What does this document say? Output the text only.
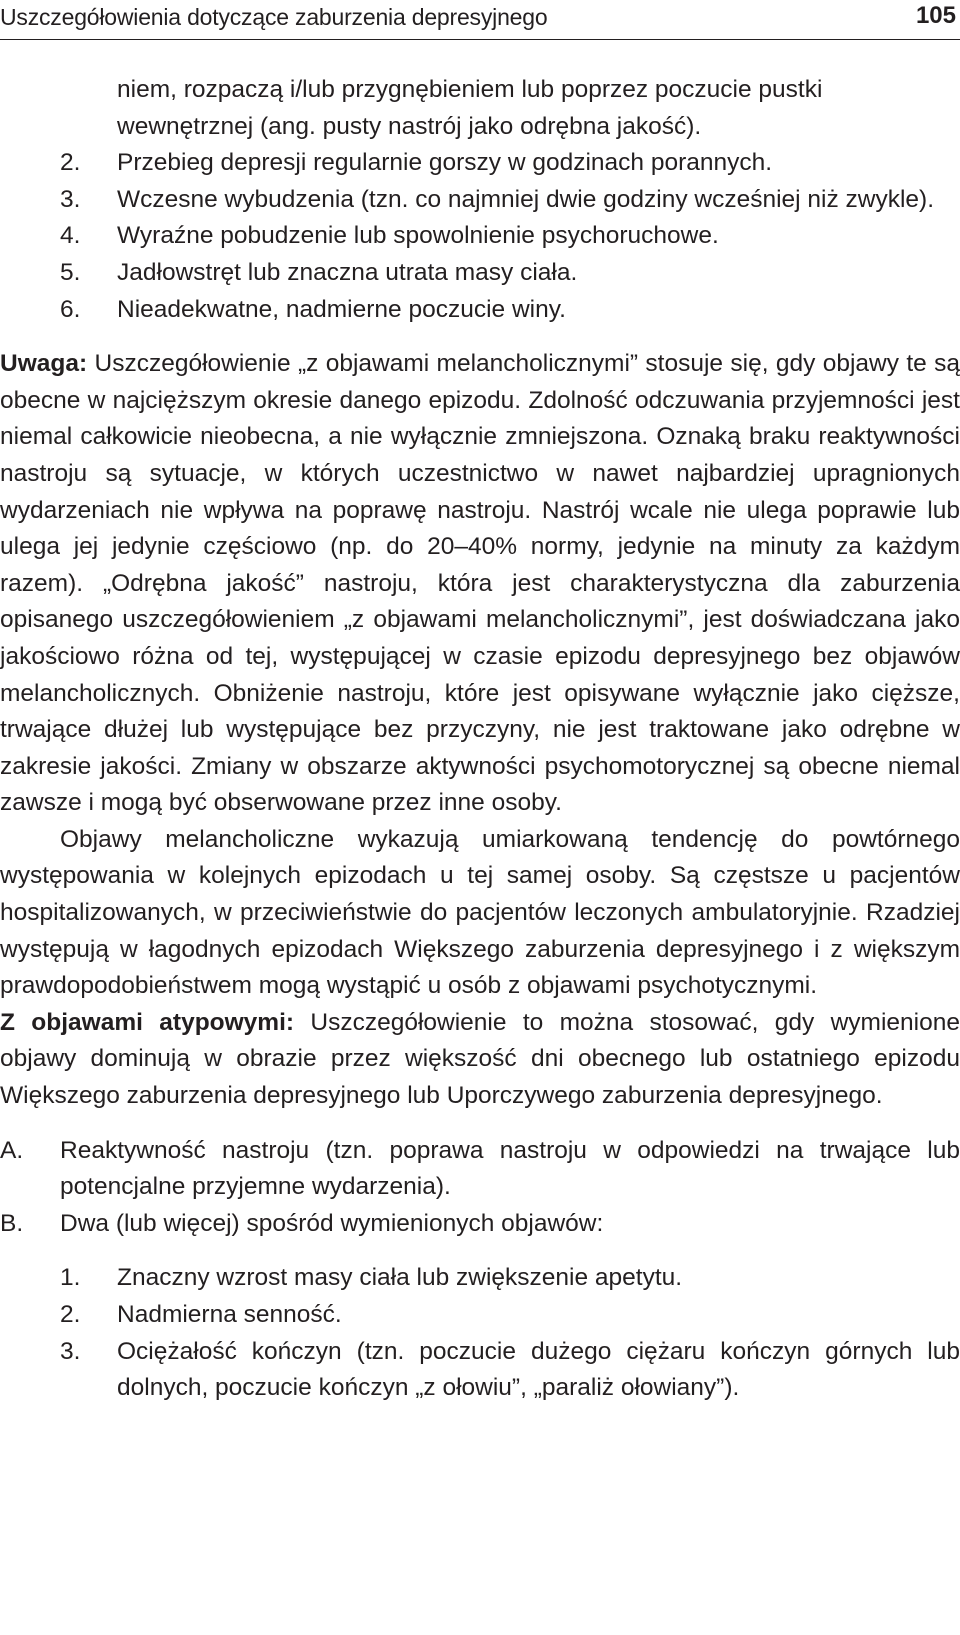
Uszczegółowienia dotyczące zaburzenia depresyjnego	105
niem, rozpaczą i/lub przygnębieniem lub poprzez poczucie pustki wewnętrznej (ang. pusty nastrój jako odrębna jakość).
2. Przebieg depresji regularnie gorszy w godzinach porannych.
3. Wczesne wybudzenia (tzn. co najmniej dwie godziny wcześniej niż zwykle).
4. Wyraźne pobudzenie lub spowolnienie psychoruchowe.
5. Jadłowstręt lub znaczna utrata masy ciała.
6. Nieadekwatne, nadmierne poczucie winy.

Uwaga: Uszczegółowienie „z objawami melancholicznymi” stosuje się, gdy objawy te są obecne w najcięższym okresie danego epizodu. Zdolność odczuwania przyjemności jest niemal całkowicie nieobecna, a nie wyłącznie zmniejszona. Oznaką braku reaktywności nastroju są sytuacje, w których uczestnictwo w nawet najbardziej upragnionych wydarzeniach nie wpływa na poprawę nastroju. Nastrój wcale nie ulega poprawie lub ulega jej jedynie częściowo (np. do 20–40% normy, jedynie na minuty za każdym razem). „Odrębna jakość” nastroju, która jest charakterystyczna dla zaburzenia opisanego uszczegółowieniem „z objawami melancholicznymi”, jest doświadczana jako jakościowo różna od tej, występującej w czasie epizodu depresyjnego bez objawów melancholicznych. Obniżenie nastroju, które jest opisywane wyłącznie jako cięższe, trwające dłużej lub występujące bez przyczyny, nie jest traktowane jako odrębne w zakresie jakości. Zmiany w obszarze aktywności psychomotorycznej są obecne niemal zawsze i mogą być obserwowane przez inne osoby.

Objawy melancholiczne wykazują umiarkowaną tendencję do powtórnego występowania w kolejnych epizodach u tej samej osoby. Są częstsze u pacjentów hospitalizowanych, w przeciwieństwie do pacjentów leczonych ambulatoryjnie. Rzadziej występują w łagodnych epizodach Większego zaburzenia depresyjnego i z większym prawdopodobieństwem mogą wystąpić u osób z objawami psychotycznymi.

Z objawami atypowymi: Uszczegółowienie to można stosować, gdy wymienione objawy dominują w obrazie przez większość dni obecnego lub ostatniego epizodu Większego zaburzenia depresyjnego lub Uporczywego zaburzenia depresyjnego.

A. Reaktywność nastroju (tzn. poprawa nastroju w odpowiedzi na trwające lub potencjalne przyjemne wydarzenia).
B. Dwa (lub więcej) spośród wymienionych objawów:
1. Znaczny wzrost masy ciała lub zwiększenie apetytu.
2. Nadmierna senność.
3. Ociężałość kończyn (tzn. poczucie dużego ciężaru kończyn górnych lub dolnych, poczucie kończyn „z ołowiu”, „paraliż ołowiany”).
